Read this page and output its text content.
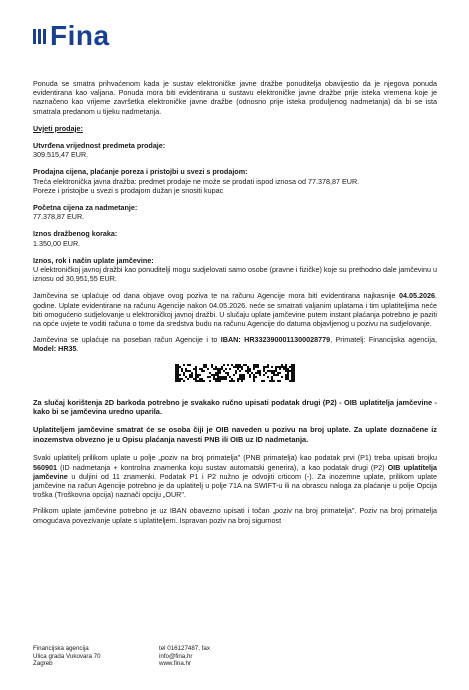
Fina

Ponuda se smatra prihvaćenom kada je sustav elektroničke javne dražbe ponuditelja obavijestio da je njegova ponuda evidentirana kao valjana. Ponuda mora biti evidentirana u sustavu elektroničke javne dražbe prije isteka vremena koje je naznačeno kao vrijeme završetka elektroničke javne dražbe (odnosno prije isteka produljenog nadmetanja) da bi se ista smatrala predanom u tijeku nadmetanja.

Uvjeti prodaje:

Utvrđena vrijednost predmeta prodaje:
309.515,47 EUR.
Prodajna cijena, plaćanje poreza i pristojbi u svezi s prodajom:
Treća elektronička javna dražba: predmet prodaje ne može se prodati ispod iznosa od 77.378,87 EUR.
Poreze i pristojbe u svezi s prodajom dužan je snositi kupac
Početna cijena za nadmetanje:
77.378,87 EUR.
Iznos dražbenog koraka:
1.350,00 EUR.
Iznos, rok i način uplate jamčevine:
U elektroničkoj javnoj dražbi kao ponuditelji mogu sudjelovati samo osobe (pravne i fizičke) koje su prethodno dale jamčevinu u iznosu od 30.951,55 EUR.

Jamčevina se uplaćuje od dana objave ovog poziva te na računu Agencije mora biti evidentirana najkasnije 04.05.2026. godine. Uplate evidentirane na računu Agencije nakon 04.05.2026. neće se smatrati valjanim uplatama i tim uplatiteljima neće biti omogućeno sudjelovanje u elektroničkoj javnoj dražbi. U slučaju uplate jamčevine putem instant plaćanja potrebno je paziti na opće uvjete te voditi računa o tome da sredstva budu na računu Agencije do datuma objavljenog u pozivu na sudjelovanje.

Jamčevina se uplaćuje na poseban račun Agencije i to IBAN: HR3323900011300028779, Primatelj: Financijska agencija, Model: HR35.

Za slučaj korištenja 2D barkoda potrebno je svakako ručno upisati podatak drugi (P2) - OIB uplatitelja jamčevine - kako bi se jamčevina uredno uparila.

Uplatiteljem jamčevine smatrat će se osoba čiji je OIB naveden u pozivu na broj uplate. Za uplate doznačene iz inozemstva obvezno je u Opisu plaćanja navesti PNB ili OIB uz ID nadmetanja.

Svaki uplatitelj prilikom uplate u polje „poziv na broj primatelja" (PNB primatelja) kao podatak prvi (P1) treba upisati brojku 560901 (ID nadmetanja + kontrolna znamenka koju sustav automatski generira), a kao podatak drugi (P2) OIB uplatitelja jamčevine u duljini od 11 znamenki. Podatak P1 i P2 nužno je odvojiti crticom (-). Za inozemne uplate, prilikom uplate jamčevine na račun Agencije potrebno je da uplatitelj u polje 71A na SWIFT-u ili na obrascu naloga za plaćanje u polje Opcija troška (Troškovna opcija) naznači opciju „OUR".

Prilikom uplate jamčevine potrebno je uz IBAN obavezno upisati i točan „poziv na broj primatelja". Poziv na broj primatelja omogućava povezivanje uplate s uplatiteljem. Ispravan poziv na broj sigurnost

Financijska agencija
Ulica grada Vukovara 70
Zagreb
tel 016127487, fax
info@fina.hr
www.fina.hr
